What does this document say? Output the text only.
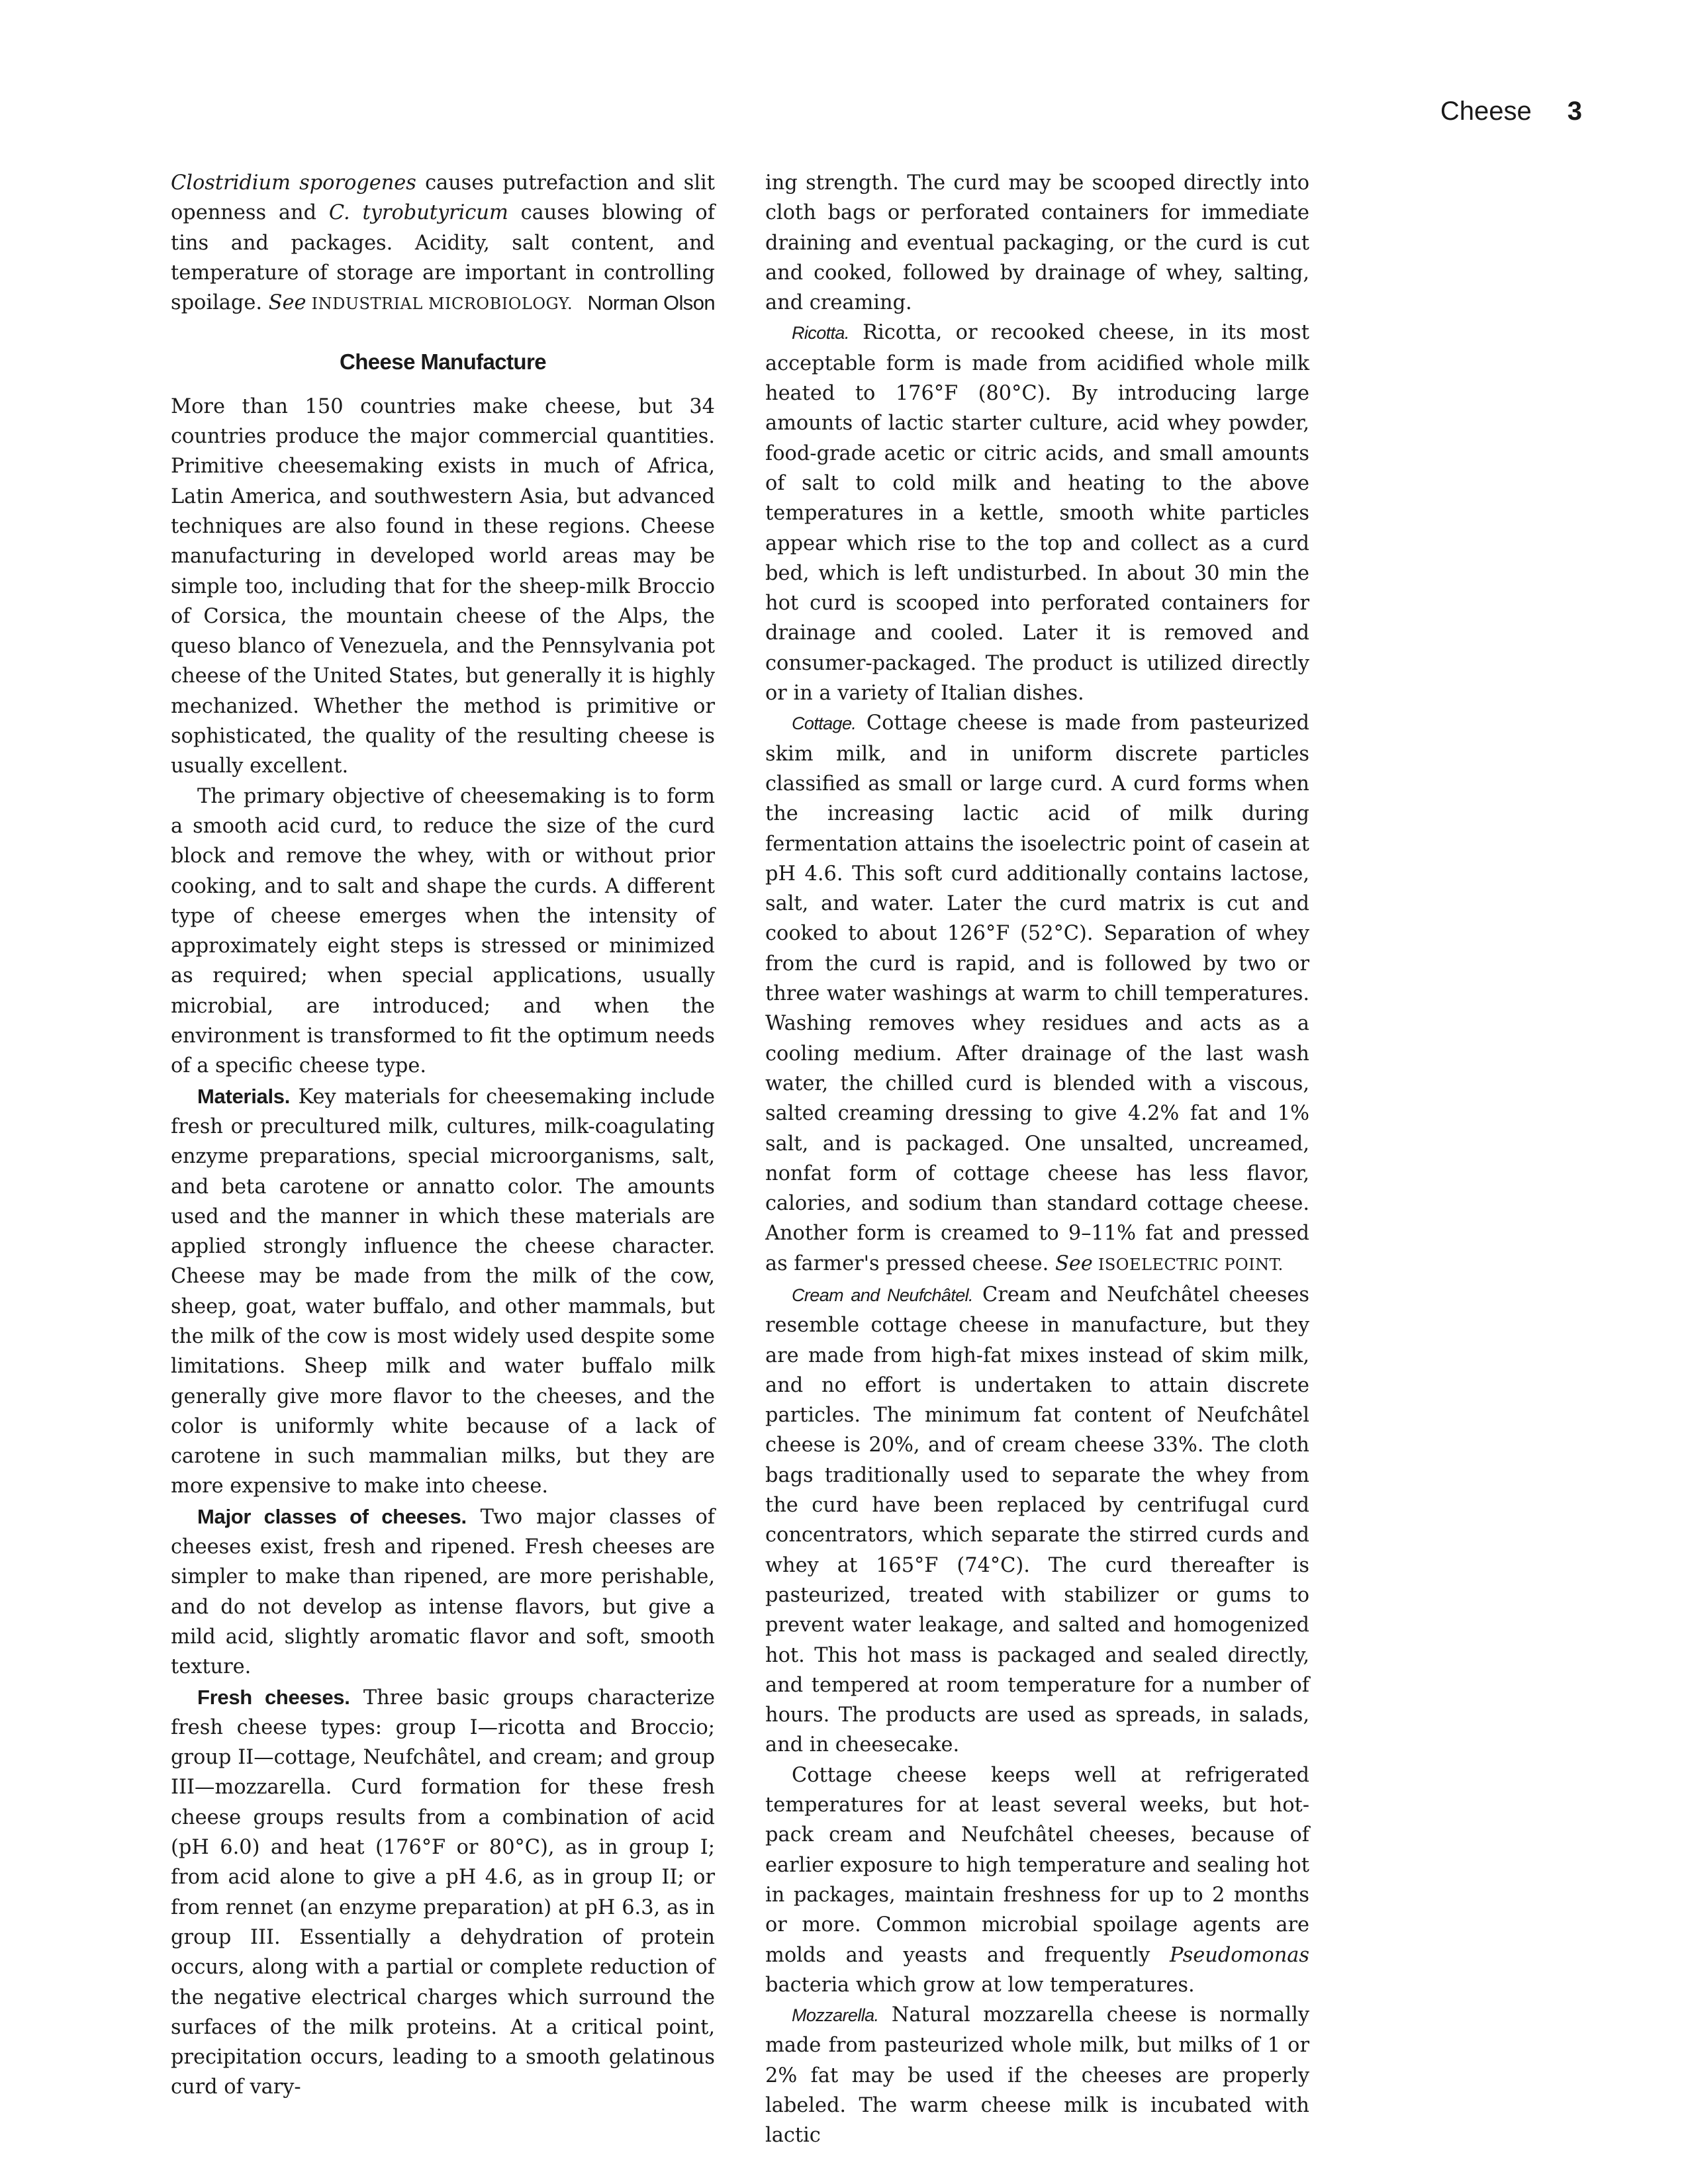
Cheese 3

Clostridium sporogenes causes putrefaction and slit openness and C. tyrobutyricum causes blowing of tins and packages. Acidity, salt content, and temperature of storage are important in controlling spoilage. See INDUSTRIAL MICROBIOLOGY. Norman Olson

Cheese Manufacture

More than 150 countries make cheese, but 34 countries produce the major commercial quantities. Primitive cheesemaking exists in much of Africa, Latin America, and southwestern Asia, but advanced techniques are also found in these regions. Cheese manufacturing in developed world areas may be simple too, including that for the sheep-milk Broccio of Corsica, the mountain cheese of the Alps, the queso blanco of Venezuela, and the Pennsylvania pot cheese of the United States, but generally it is highly mechanized. Whether the method is primitive or sophisticated, the quality of the resulting cheese is usually excellent.

The primary objective of cheesemaking is to form a smooth acid curd, to reduce the size of the curd block and remove the whey, with or without prior cooking, and to salt and shape the curds. A different type of cheese emerges when the intensity of approximately eight steps is stressed or minimized as required; when special applications, usually microbial, are introduced; and when the environment is transformed to fit the optimum needs of a specific cheese type.

Materials. Key materials for cheesemaking include fresh or precultured milk, cultures, milk-coagulating enzyme preparations, special microorganisms, salt, and beta carotene or annatto color. The amounts used and the manner in which these materials are applied strongly influence the cheese character. Cheese may be made from the milk of the cow, sheep, goat, water buffalo, and other mammals, but the milk of the cow is most widely used despite some limitations. Sheep milk and water buffalo milk generally give more flavor to the cheeses, and the color is uniformly white because of a lack of carotene in such mammalian milks, but they are more expensive to make into cheese.

Major classes of cheeses. Two major classes of cheeses exist, fresh and ripened. Fresh cheeses are simpler to make than ripened, are more perishable, and do not develop as intense flavors, but give a mild acid, slightly aromatic flavor and soft, smooth texture.

Fresh cheeses. Three basic groups characterize fresh cheese types: group I—ricotta and Broccio; group II—cottage, Neufchâtel, and cream; and group III—mozzarella. Curd formation for these fresh cheese groups results from a combination of acid (pH 6.0) and heat (176°F or 80°C), as in group I; from acid alone to give a pH 4.6, as in group II; or from rennet (an enzyme preparation) at pH 6.3, as in group III. Essentially a dehydration of protein occurs, along with a partial or complete reduction of the negative electrical charges which surround the surfaces of the milk proteins. At a critical point, precipitation occurs, leading to a smooth gelatinous curd of vary-

ing strength. The curd may be scooped directly into cloth bags or perforated containers for immediate draining and eventual packaging, or the curd is cut and cooked, followed by drainage of whey, salting, and creaming.

Ricotta. Ricotta, or recooked cheese, in its most acceptable form is made from acidified whole milk heated to 176°F (80°C). By introducing large amounts of lactic starter culture, acid whey powder, food-grade acetic or citric acids, and small amounts of salt to cold milk and heating to the above temperatures in a kettle, smooth white particles appear which rise to the top and collect as a curd bed, which is left undisturbed. In about 30 min the hot curd is scooped into perforated containers for drainage and cooled. Later it is removed and consumer-packaged. The product is utilized directly or in a variety of Italian dishes.

Cottage. Cottage cheese is made from pasteurized skim milk, and in uniform discrete particles classified as small or large curd. A curd forms when the increasing lactic acid of milk during fermentation attains the isoelectric point of casein at pH 4.6. This soft curd additionally contains lactose, salt, and water. Later the curd matrix is cut and cooked to about 126°F (52°C). Separation of whey from the curd is rapid, and is followed by two or three water washings at warm to chill temperatures. Washing removes whey residues and acts as a cooling medium. After drainage of the last wash water, the chilled curd is blended with a viscous, salted creaming dressing to give 4.2% fat and 1% salt, and is packaged. One unsalted, uncreamed, nonfat form of cottage cheese has less flavor, calories, and sodium than standard cottage cheese. Another form is creamed to 9–11% fat and pressed as farmer's pressed cheese. See ISOELECTRIC POINT.

Cream and Neufchâtel. Cream and Neufchâtel cheeses resemble cottage cheese in manufacture, but they are made from high-fat mixes instead of skim milk, and no effort is undertaken to attain discrete particles. The minimum fat content of Neufchâtel cheese is 20%, and of cream cheese 33%. The cloth bags traditionally used to separate the whey from the curd have been replaced by centrifugal curd concentrators, which separate the stirred curds and whey at 165°F (74°C). The curd thereafter is pasteurized, treated with stabilizer or gums to prevent water leakage, and salted and homogenized hot. This hot mass is packaged and sealed directly, and tempered at room temperature for a number of hours. The products are used as spreads, in salads, and in cheesecake.

Cottage cheese keeps well at refrigerated temperatures for at least several weeks, but hot-pack cream and Neufchâtel cheeses, because of earlier exposure to high temperature and sealing hot in packages, maintain freshness for up to 2 months or more. Common microbial spoilage agents are molds and yeasts and frequently Pseudomonas bacteria which grow at low temperatures.

Mozzarella. Natural mozzarella cheese is normally made from pasteurized whole milk, but milks of 1 or 2% fat may be used if the cheeses are properly labeled. The warm cheese milk is incubated with lactic
